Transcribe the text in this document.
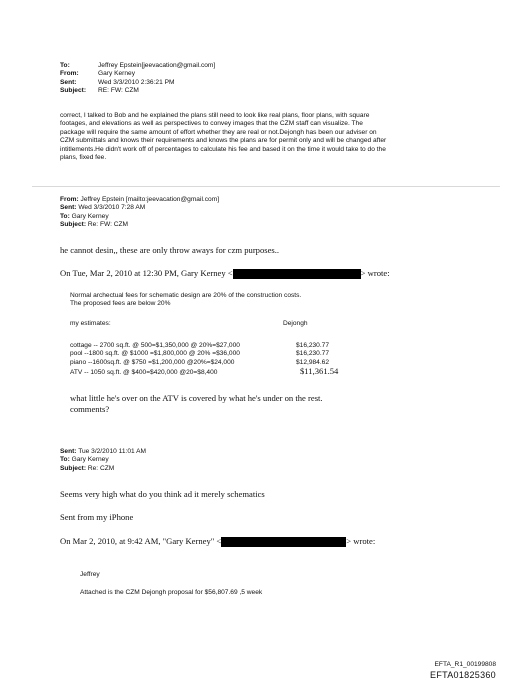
To:	Jeffrey Epstein[jeevacation@gmail.com]
From:	Gary Kerney
Sent:	Wed 3/3/2010 2:36:21 PM
Subject:	RE: FW: CZM
correct, I talked to Bob and he explained the plans still need to look like real plans, floor plans, with square
footages, and elevations as well as perspectives to convey images that the CZM staff can visualize. The
package will require the same amount of effort whether they are real or not.Dejongh has been our adviser on
CZM submittals and knows their requirements and knows the plans are for permit only and will be changed after
intitlements.He didn't work off of percentages to calculate his fee and based it on the time it would take to do the
plans, fixed fee.
From: Jeffrey Epstein [mailto:jeevacation@gmail.com]
Sent: Wed 3/3/2010 7:28 AM
To: Gary Kerney
Subject: Re: FW: CZM
he cannot desin,, these are only throw aways for czm purposes..
On Tue, Mar 2, 2010 at 12:30 PM, Gary Kerney <	> wrote:
Normal archectual fees for schematic design are 20% of the construction costs.
The proposed fees are below 20%
my estimates:	Dejongh
cottage -- 2700 sq.ft. @ 500=$1,350,000 @ 20%=$27,000	$16,230.77
pool --1800 sq.ft. @ $1000 =$1,800,000 @ 20% =$36,000	$16,230.77
piano --1600sq.ft. @ $750 =$1,200,000 @20%=$24,000	$12,984.62
ATV -- 1050 sq.ft. @ $400=$420,000 @20=$8,400	$11,361.54
what little he's over on the ATV is covered by what he's under on the rest.
comments?
Sent: Tue 3/2/2010 11:01 AM
To: Gary Kerney
Subject: Re: CZM
Seems very high what do you think ad it merely schematics
Sent from my iPhone
On Mar 2, 2010, at 9:42 AM, "Gary Kerney" <	> wrote:
Jeffrey
Attached is the CZM Dejongh proposal for $56,807.69 ,5 week
EFTA_R1_00199808
EFTA01825360
